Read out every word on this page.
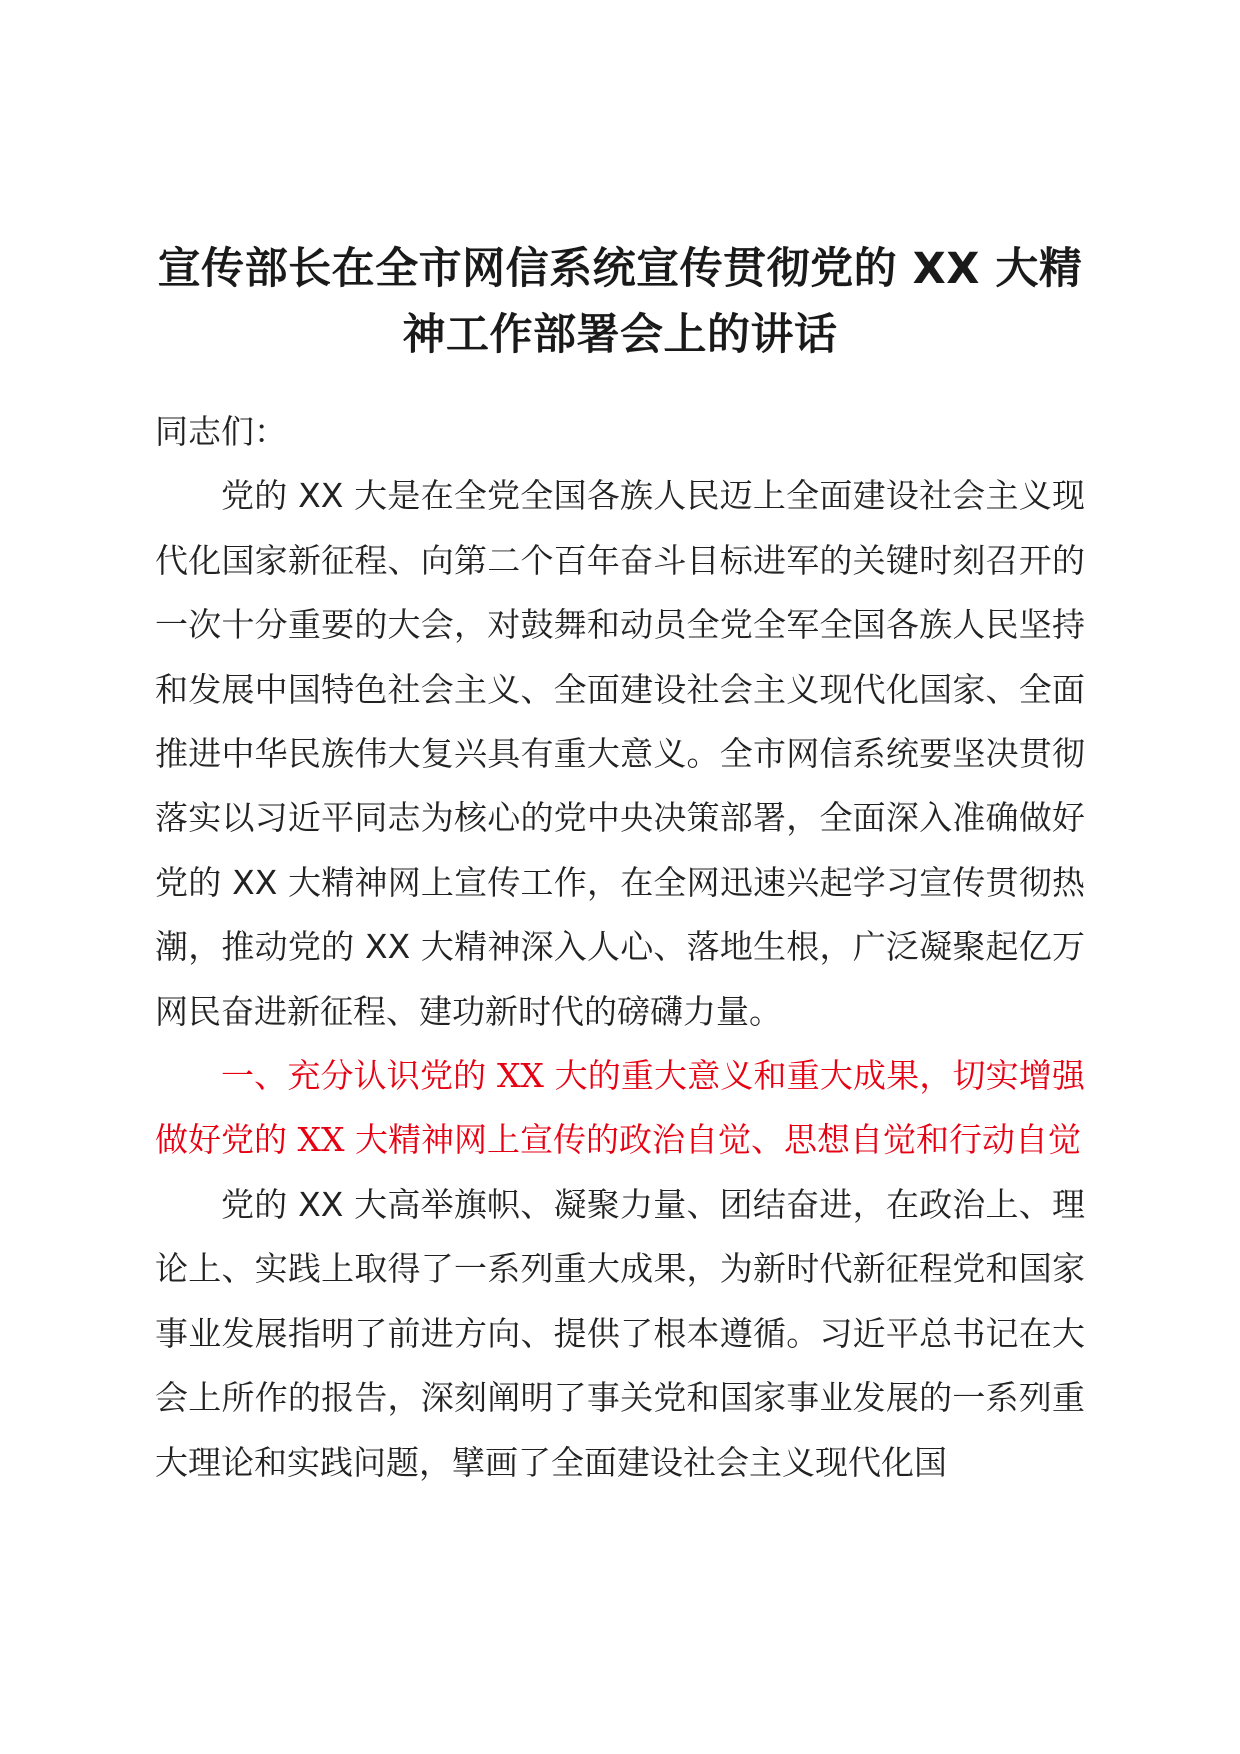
宣传部长在全市网信系统宣传贯彻党的 XX 大精神工作部署会上的讲话

同志们：

党的 XX 大是在全党全国各族人民迈上全面建设社会主义现代化国家新征程、向第二个百年奋斗目标进军的关键时刻召开的一次十分重要的大会，对鼓舞和动员全党全军全国各族人民坚持和发展中国特色社会主义、全面建设社会主义现代化国家、全面推进中华民族伟大复兴具有重大意义。全市网信系统要坚决贯彻落实以习近平同志为核心的党中央决策部署，全面深入准确做好党的 XX 大精神网上宣传工作，在全网迅速兴起学习宣传贯彻热潮，推动党的 XX 大精神深入人心、落地生根，广泛凝聚起亿万网民奋进新征程、建功新时代的磅礴力量。

一、充分认识党的 XX 大的重大意义和重大成果，切实增强做好党的 XX 大精神网上宣传的政治自觉、思想自觉和行动自觉

党的 XX 大高举旗帜、凝聚力量、团结奋进，在政治上、理论上、实践上取得了一系列重大成果，为新时代新征程党和国家事业发展指明了前进方向、提供了根本遵循。习近平总书记在大会上所作的报告，深刻阐明了事关党和国家事业发展的一系列重大理论和实践问题，擘画了全面建设社会主义现代化国
